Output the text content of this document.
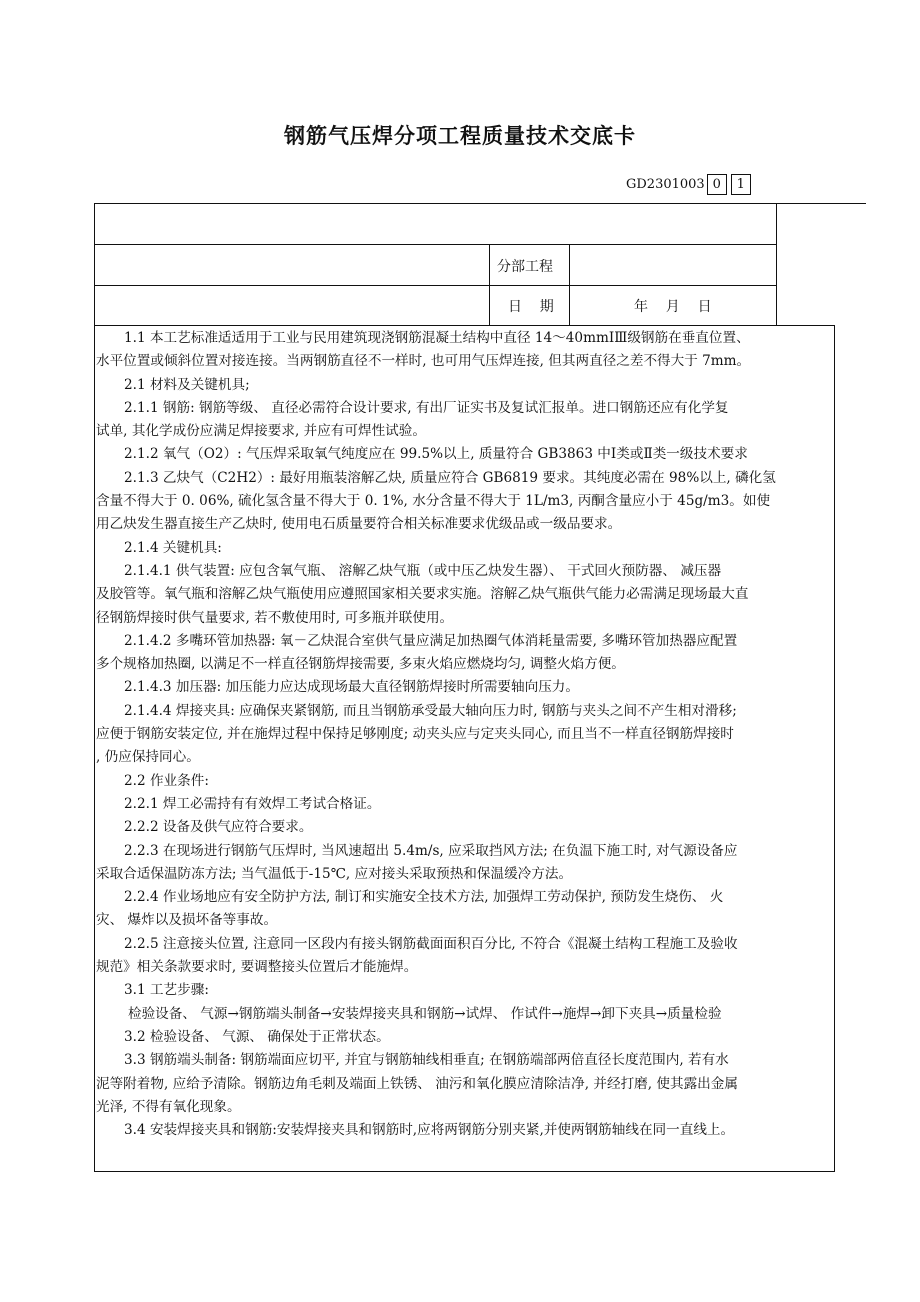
钢筋气压焊分项工程质量技术交底卡
GD2301003 0	1
分部工程
日    期	年    月    日

1.1 本工艺标准适适用于工业与民用建筑现浇钢筋混凝土结构中直径 14～40mmⅠⅢ级钢筋在垂直位置、

水平位置或倾斜位置对接连接。当两钢筋直径不一样时, 也可用气压焊连接, 但其两直径之差不得大于 7mm。

2.1 材料及关键机具;

2.1.1 钢筋: 钢筋等级、 直径必需符合设计要求, 有出厂证实书及复试汇报单。进口钢筋还应有化学复

试单, 其化学成份应满足焊接要求, 并应有可焊性试验。

2.1.2 氧气（O2）: 气压焊采取氧气纯度应在 99.5%以上, 质量符合 GB3863 中Ⅰ类或Ⅱ类一级技术要求

2.1.3 乙炔气（C2H2）: 最好用瓶装溶解乙炔, 质量应符合 GB6819 要求。其纯度必需在 98%以上, 磷化氢

含量不得大于 0. 06%, 硫化氢含量不得大于 0. 1%, 水分含量不得大于 1L/m3, 丙酮含量应小于 45g/m3。如使

用乙炔发生器直接生产乙炔时, 使用电石质量要符合相关标准要求优级品或一级品要求。

2.1.4 关键机具:

2.1.4.1 供气装置: 应包含氧气瓶、 溶解乙炔气瓶（或中压乙炔发生器）、 干式回火预防器、 减压器

及胶管等。氧气瓶和溶解乙炔气瓶使用应遵照国家相关要求实施。溶解乙炔气瓶供气能力必需满足现场最大直

径钢筋焊接时供气量要求, 若不敷使用时, 可多瓶并联使用。

2.1.4.2 多嘴环管加热器: 氧－乙炔混合室供气量应满足加热圈气体消耗量需要, 多嘴环管加热器应配置

多个规格加热圈, 以满足不一样直径钢筋焊接需要, 多束火焰应燃烧均匀, 调整火焰方便。

2.1.4.3 加压器: 加压能力应达成现场最大直径钢筋焊接时所需要轴向压力。

2.1.4.4 焊接夹具: 应确保夹紧钢筋, 而且当钢筋承受最大轴向压力时, 钢筋与夹头之间不产生相对滑移;

应便于钢筋安装定位, 并在施焊过程中保持足够刚度; 动夹头应与定夹头同心, 而且当不一样直径钢筋焊接时

, 仍应保持同心。

2.2 作业条件:

2.2.1 焊工必需持有有效焊工考试合格证。

2.2.2 设备及供气应符合要求。

2.2.3 在现场进行钢筋气压焊时, 当风速超出 5.4m/s, 应采取挡风方法; 在负温下施工时, 对气源设备应

采取合适保温防冻方法; 当气温低于-15℃, 应对接头采取预热和保温缓冷方法。

2.2.4 作业场地应有安全防护方法, 制订和实施安全技术方法, 加强焊工劳动保护, 预防发生烧伤、 火

灾、 爆炸以及损坏备等事故。

2.2.5 注意接头位置, 注意同一区段内有接头钢筋截面面积百分比, 不符合《混凝土结构工程施工及验收

规范》相关条款要求时, 要调整接头位置后才能施焊。

3.1 工艺步骤:

检验设备、 气源→钢筋端头制备→安装焊接夹具和钢筋→试焊、 作试件→施焊→卸下夹具→质量检验

3.2 检验设备、 气源、 确保处于正常状态。

3.3 钢筋端头制备: 钢筋端面应切平, 并宜与钢筋轴线相垂直; 在钢筋端部两倍直径长度范围内, 若有水

泥等附着物, 应给予清除。钢筋边角毛刺及端面上铁锈、 油污和氧化膜应清除洁净, 并经打磨, 使其露出金属

光泽, 不得有氧化现象。

3.4 安装焊接夹具和钢筋:安装焊接夹具和钢筋时,应将两钢筋分别夹紧,并使两钢筋轴线在同一直线上。
